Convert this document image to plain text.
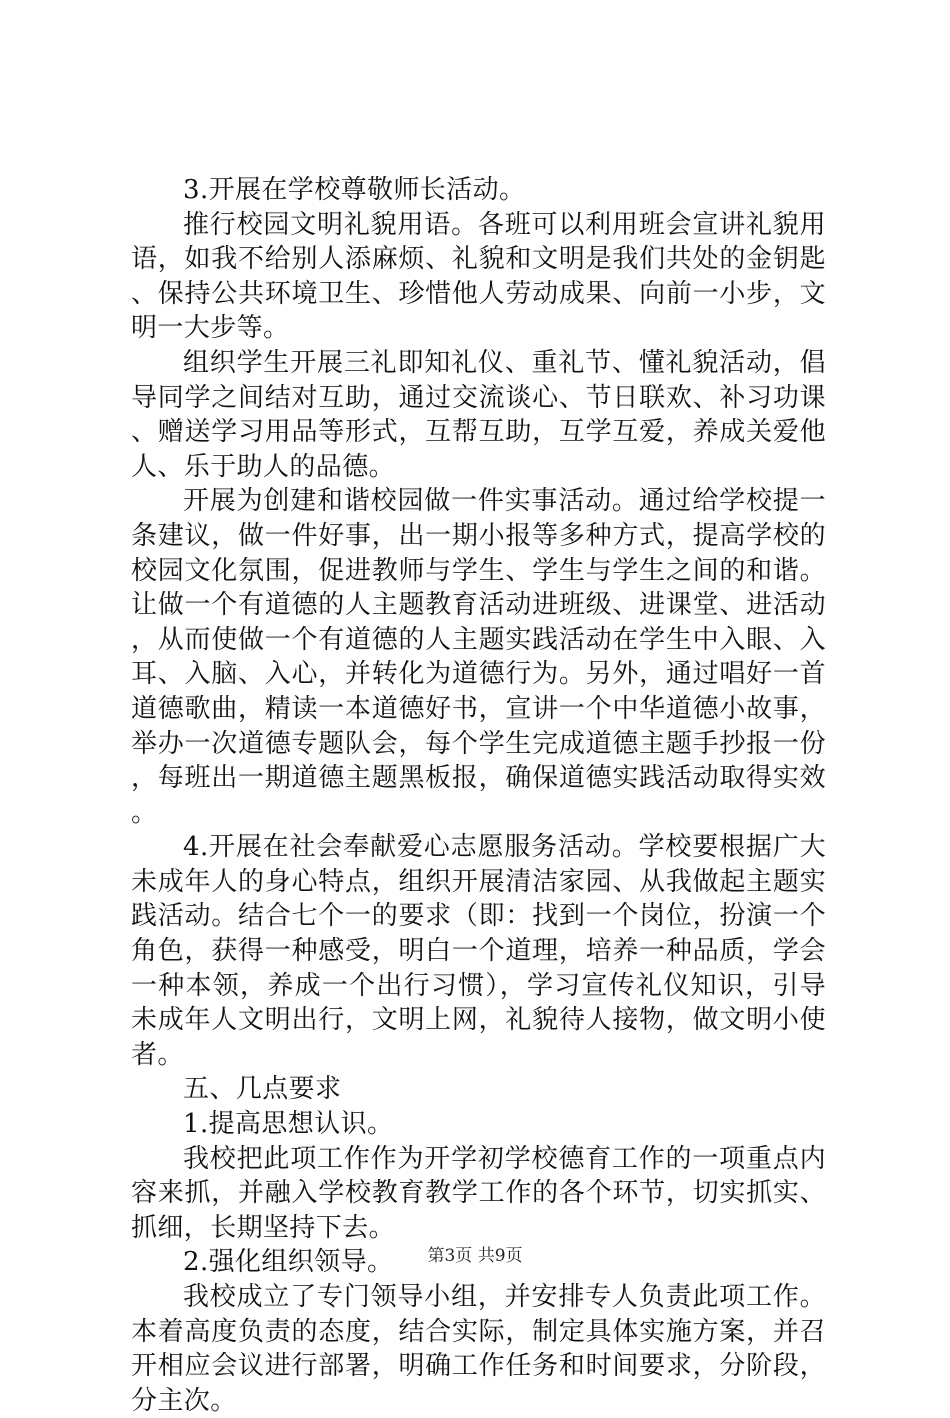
3.开展在学校尊敬师长活动。

推行校园文明礼貌用语。各班可以利用班会宣讲礼貌用语，如我不给别人添麻烦、礼貌和文明是我们共处的金钥匙、保持公共环境卫生、珍惜他人劳动成果、向前一小步，文明一大步等。

组织学生开展三礼即知礼仪、重礼节、懂礼貌活动，倡导同学之间结对互助，通过交流谈心、节日联欢、补习功课、赠送学习用品等形式，互帮互助，互学互爱，养成关爱他人、乐于助人的品德。

开展为创建和谐校园做一件实事活动。通过给学校提一条建议，做一件好事，出一期小报等多种方式，提高学校的校园文化氛围，促进教师与学生、学生与学生之间的和谐。让做一个有道德的人主题教育活动进班级、进课堂、进活动，从而使做一个有道德的人主题实践活动在学生中入眼、入耳、入脑、入心，并转化为道德行为。另外，通过唱好一首道德歌曲，精读一本道德好书，宣讲一个中华道德小故事，举办一次道德专题队会，每个学生完成道德主题手抄报一份，每班出一期道德主题黑板报，确保道德实践活动取得实效。

4.开展在社会奉献爱心志愿服务活动。学校要根据广大未成年人的身心特点，组织开展清洁家园、从我做起主题实践活动。结合七个一的要求（即：找到一个岗位，扮演一个角色，获得一种感受，明白一个道理，培养一种品质，学会一种本领，养成一个出行习惯），学习宣传礼仪知识，引导未成年人文明出行，文明上网，礼貌待人接物，做文明小使者。

五、几点要求

1.提高思想认识。

我校把此项工作作为开学初学校德育工作的一项重点内容来抓，并融入学校教育教学工作的各个环节，切实抓实、抓细，长期坚持下去。

2.强化组织领导。

我校成立了专门领导小组，并安排专人负责此项工作。本着高度负责的态度，结合实际，制定具体实施方案，并召开相应会议进行部署，明确工作任务和时间要求，分阶段，分主次。

第3页 共9页
